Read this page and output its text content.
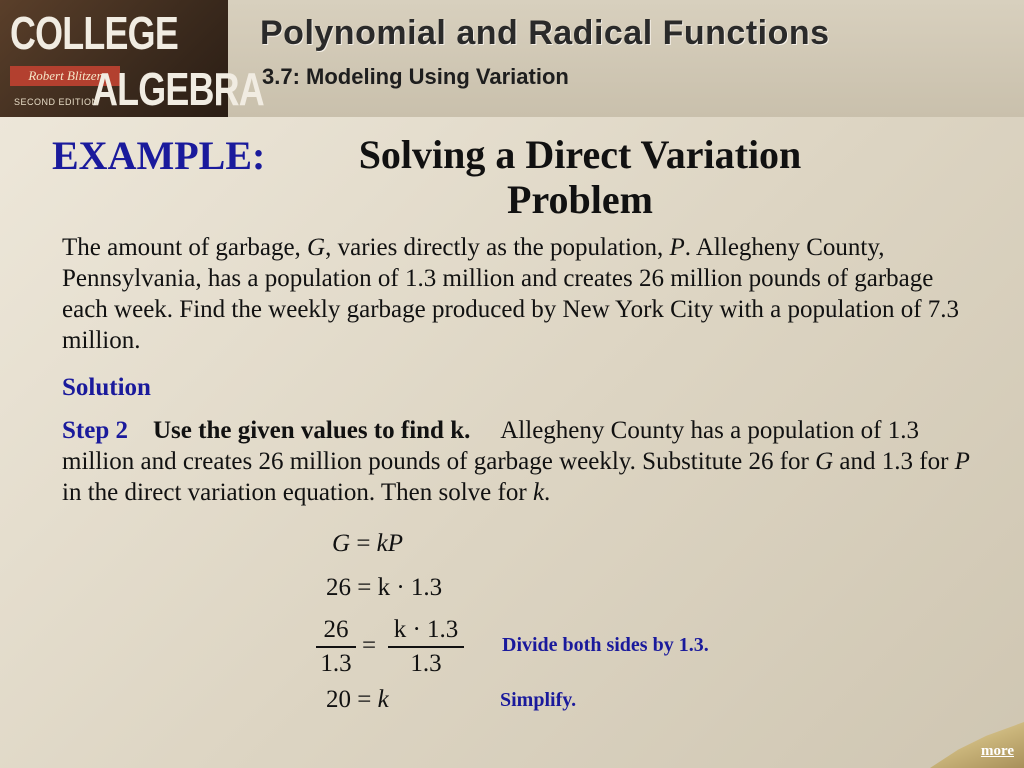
COLLEGE
Robert Blitzer
ALGEBRA
SECOND EDITION
Polynomial and Radical Functions
3.7: Modeling Using Variation
EXAMPLE:	Solving a Direct Variation Problem
The amount of garbage, G, varies directly as the population, P. Allegheny County, Pennsylvania, has a population of 1.3 million and creates 26 million pounds of garbage each week. Find the weekly garbage produced by New York City with a population of 7.3 million.
Solution
Step 2 Use the given values to find k. Allegheny County has a population of 1.3 million and creates 26 million pounds of garbage weekly. Substitute 26 for G and 1.3 for P in the direct variation equation. Then solve for k.
G = kP
26 = k · 1.3
26
1.3
=
k · 1.3
1.3
20 = k
Divide both sides by 1.3.
Simplify.
more
